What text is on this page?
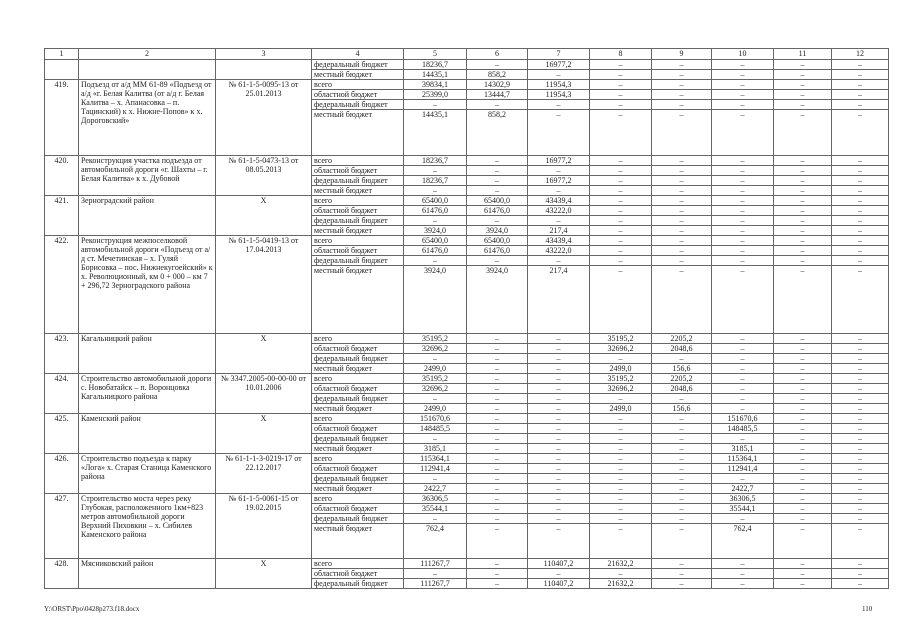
1	2	3	4	5	6	7	8	9	10	11	12
			федеральный бюджет	18236,7	–	16977,2	–	–	–	–	–
			местный бюджет	14435,1	858,2	–	–	–	–	–	–
419.	Подъезд от а/д ММ 61-89 «Подъезд от а/д «г. Белая Калитва (от а/д г. Белая Калитва – х. Апанасовка – п. Тацинский) к х. Нижне-Попов» к х. Дороговский»	№ 61-1-5-0095-13 от 25.01.2013	всего	39834,1	14302,9	11954,3	–	–	–	–	–
			областной бюджет	25399,0	13444,7	11954,3	–	–	–	–	–
			федеральный бюджет	–	–	–	–	–	–	–	–
			местный бюджет	14435,1	858,2	–	–	–	–	–	–
420.	Реконструкция участка подъезда от автомобильной дороги «г. Шахты – г. Белая Калитва» к х. Дубовой	№ 61-1-5-0473-13 от 08.05.2013	всего	18236,7	–	16977,2	–	–	–	–	–
			областной бюджет	–	–	–	–	–	–	–	–
			федеральный бюджет	18236,7	–	16977,2	–	–	–	–	–
			местный бюджет	–	–	–	–	–	–	–	–
421.	Зерноградский район	X	всего	65400,0	65400,0	43439,4	–	–	–	–	–
			областной бюджет	61476,0	61476,0	43222,0	–	–	–	–	–
			федеральный бюджет	–	–	–	–	–	–	–	–
			местный бюджет	3924,0	3924,0	217,4	–	–	–	–	–
422.	Реконструкция межпоселковой автомобильной дороги «Подъезд от а/д ст. Мечетинская – х. Гуляй Борисовка – пос. Нижнекугоейский» к х. Революционный, км 0 + 000 – км 7 + 296,72 Зерноградского района	№ 61-1-5-0419-13 от 17.04.2013	всего	65400,0	65400,0	43439,4	–	–	–	–	–
			областной бюджет	61476,0	61476,0	43222,0	–	–	–	–	–
			федеральный бюджет	–	–	–	–	–	–	–	–
			местный бюджет	3924,0	3924,0	217,4	–	–	–	–	–
423.	Кагальницкий район	X	всего	35195,2	–	–	35195,2	2205,2	–	–	–
			областной бюджет	32696,2	–	–	32696,2	2048,6	–	–	–
			федеральный бюджет	–	–	–	–	–	–	–	–
			местный бюджет	2499,0	–	–	2499,0	156,6	–	–	–
424.	Строительство автомобильной дороги с. Новобатайск – п. Воронцовка Кагальницкого района	№ 3347.2005-00-00-00 от 10.01.2006	всего	35195,2	–	–	35195,2	2205,2	–	–	–
			областной бюджет	32696,2	–	–	32696,2	2048,6	–	–	–
			федеральный бюджет	–	–	–	–	–	–	–	–
			местный бюджет	2499,0	–	–	2499,0	156,6	–	–	–
425.	Каменский район	X	всего	151670,6	–	–	–	–	151670,6	–	–
			областной бюджет	148485,5	–	–	–	–	148485,5	–	–
			федеральный бюджет	–	–	–	–	–	–	–	–
			местный бюджет	3185,1	–	–	–	–	3185,1	–	–
426.	Строительство подъезда к парку «Лога» х. Старая Станица Каменского района	№ 61-1-1-3-0219-17 от 22.12.2017	всего	115364,1	–	–	–	–	115364,1	–	–
			областной бюджет	112941,4	–	–	–	–	112941,4	–	–
			федеральный бюджет	–	–	–	–	–	–	–	–
			местный бюджет	2422,7	–	–	–	–	2422,7	–	–
427.	Строительство моста через реку Глубокая, расположенного 1км+823 метров автомобильной дороги Верхний Пиховкин – х. Сибилев Каменского района	№ 61-1-5-0061-15 от 19.02.2015	всего	36306,5	–	–	–	–	36306,5	–	–
			областной бюджет	35544,1	–	–	–	–	35544,1	–	–
			федеральный бюджет	–	–	–	–	–	–	–	–
			местный бюджет	762,4	–	–	–	–	762,4	–	–
428.	Мясниковский район	X	всего	111267,7	–	110407,2	21632,2	–	–	–	–
			областной бюджет	–	–	–	–	–	–	–	–
			федеральный бюджет	111267,7	–	110407,2	21632,2	–	–	–	–
Y:\ORST\Ppo\0428p273.f18.docx	110
